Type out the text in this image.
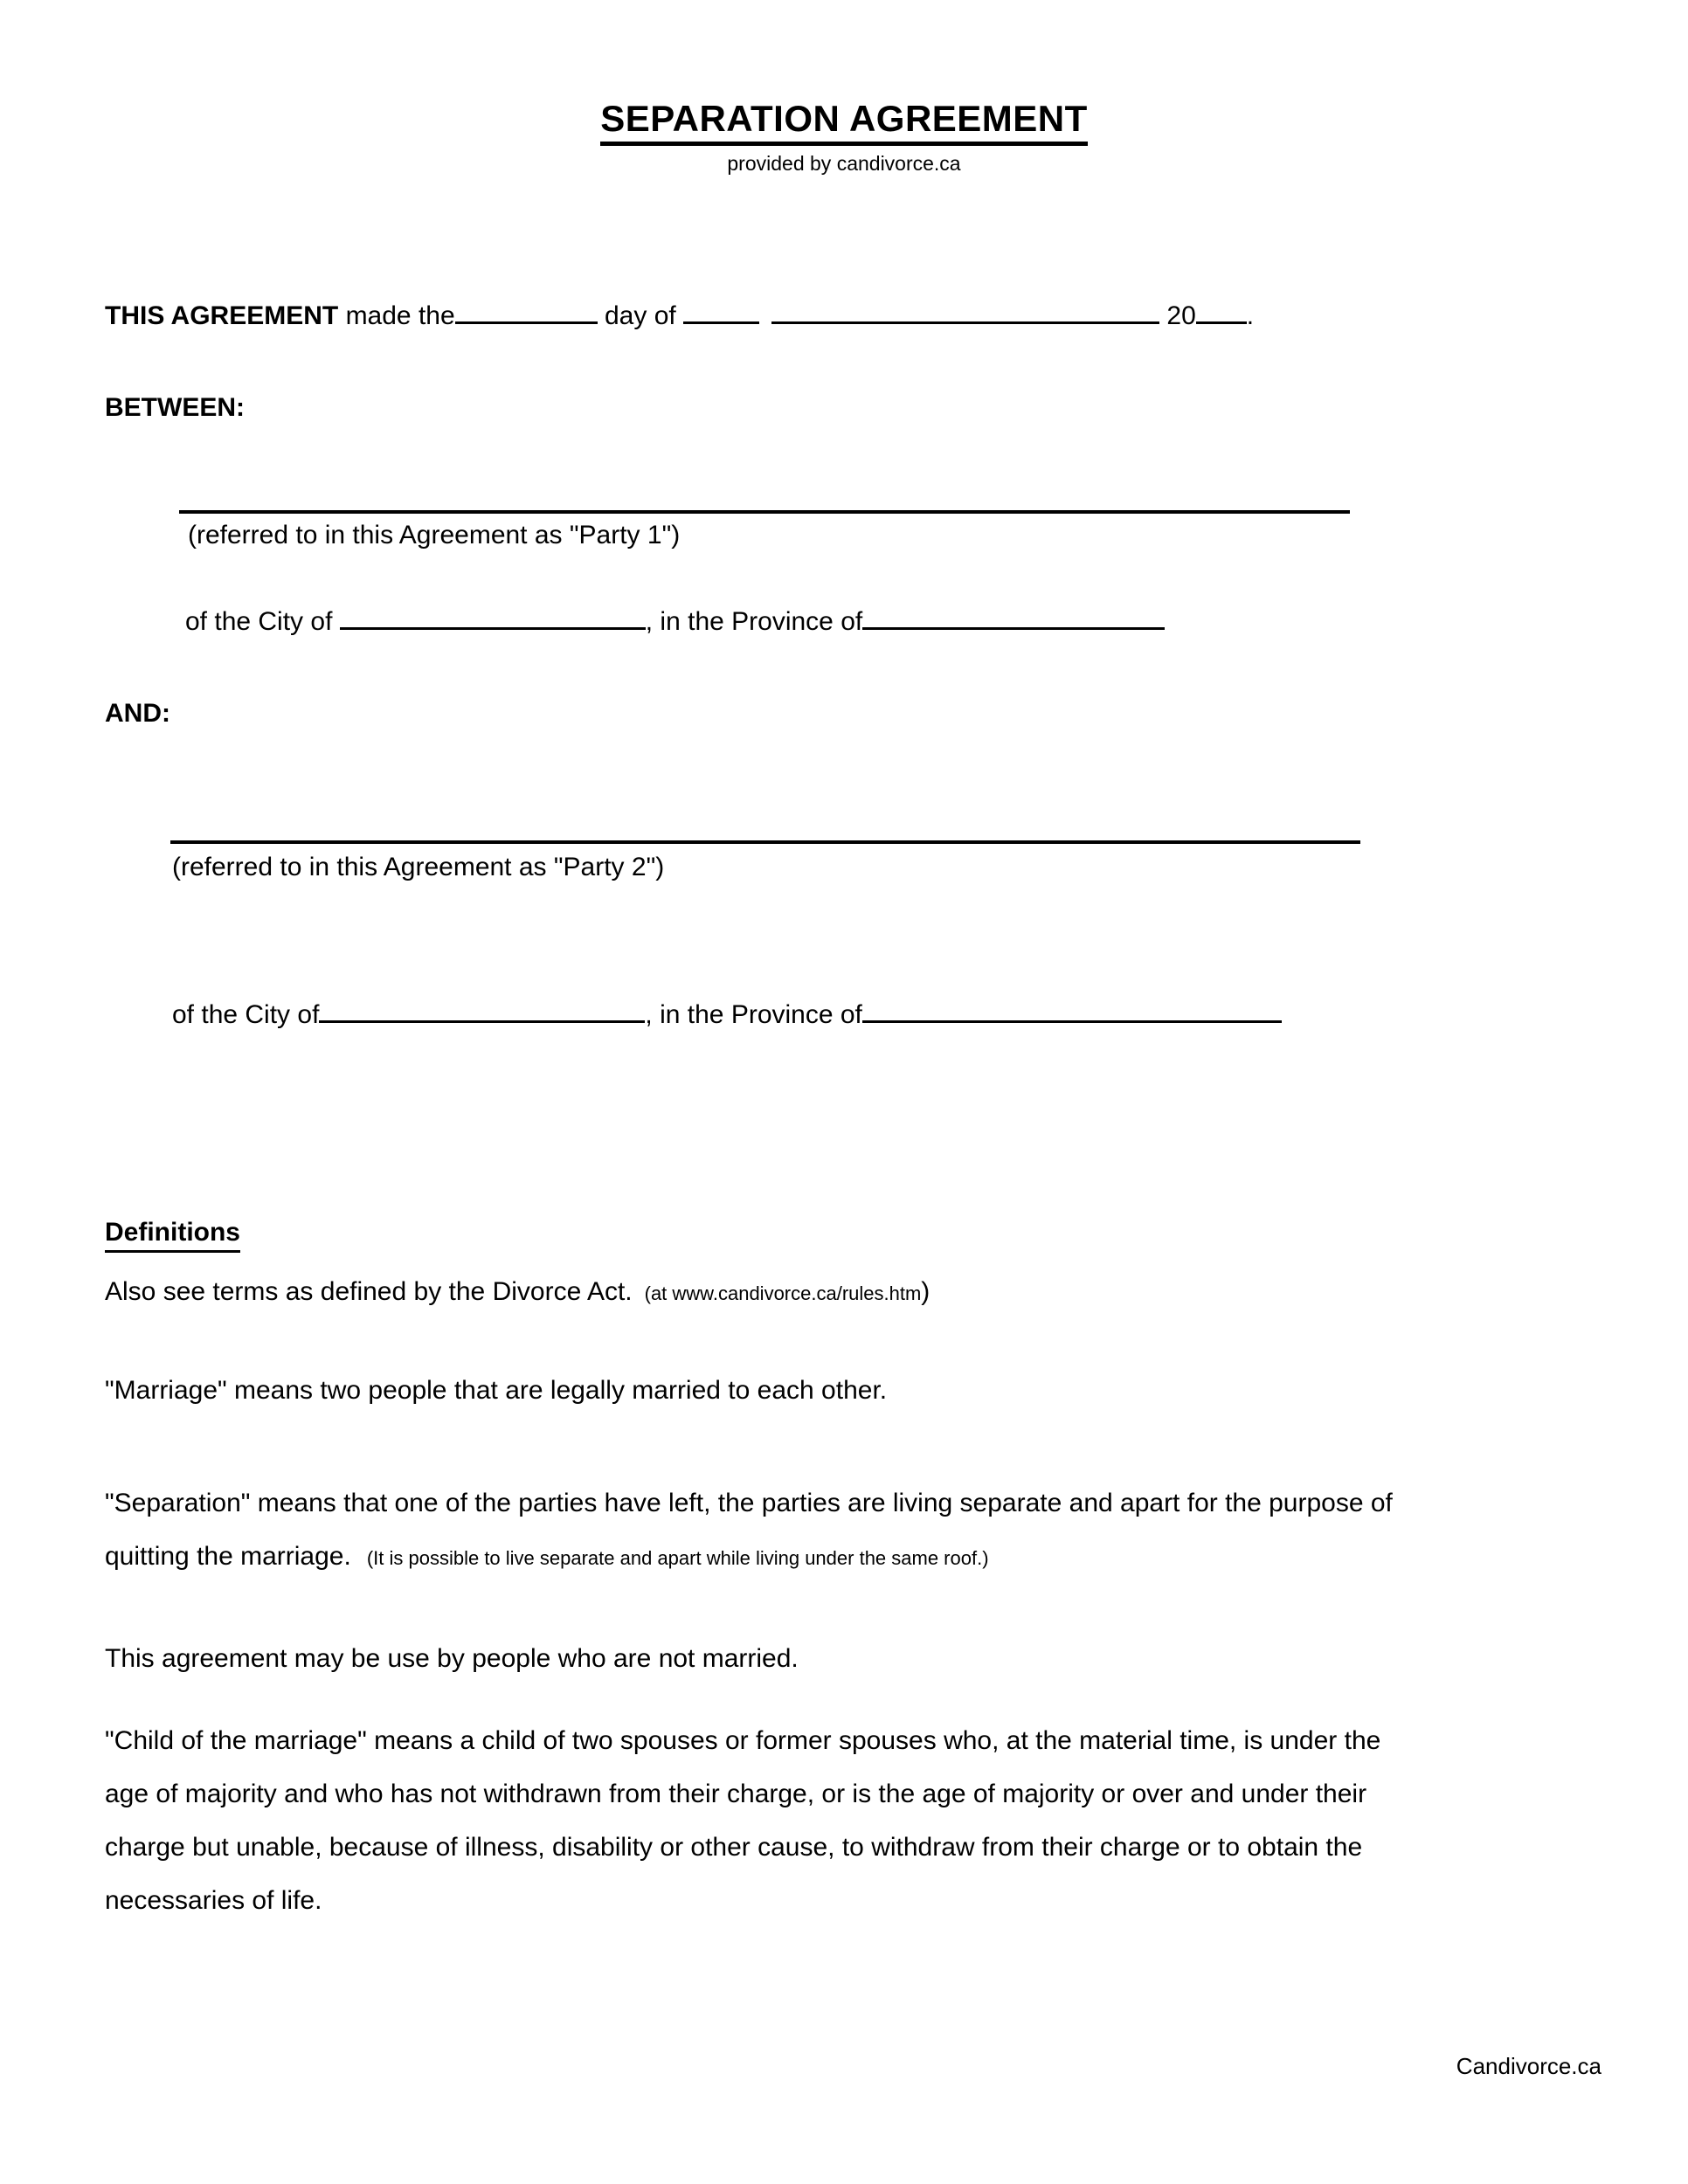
SEPARATION AGREEMENT
provided by candivorce.ca
THIS AGREEMENT made the	day of	20 .
BETWEEN:
(referred to in this Agreement as "Party 1")
of the City of	, in the Province of
AND:
(referred to in this Agreement as "Party 2")
of the City of	, in the Province of
Definitions
Also see terms as defined by the Divorce Act. (at www.candivorce.ca/rules.htm)
"Marriage" means two people that are legally married to each other.
"Separation" means that one of the parties have left, the parties are living separate and apart for the purpose of
quitting the marriage. (It is possible to live separate and apart while living under the same roof.)
This agreement may be use by people who are not married.
"Child of the marriage" means a child of two spouses or former spouses who, at the material time, is under the
age of majority and who has not withdrawn from their charge, or is the age of majority or over and under their
charge but unable, because of illness, disability or other cause, to withdraw from their charge or to obtain the
necessaries of life.
Candivorce.ca
